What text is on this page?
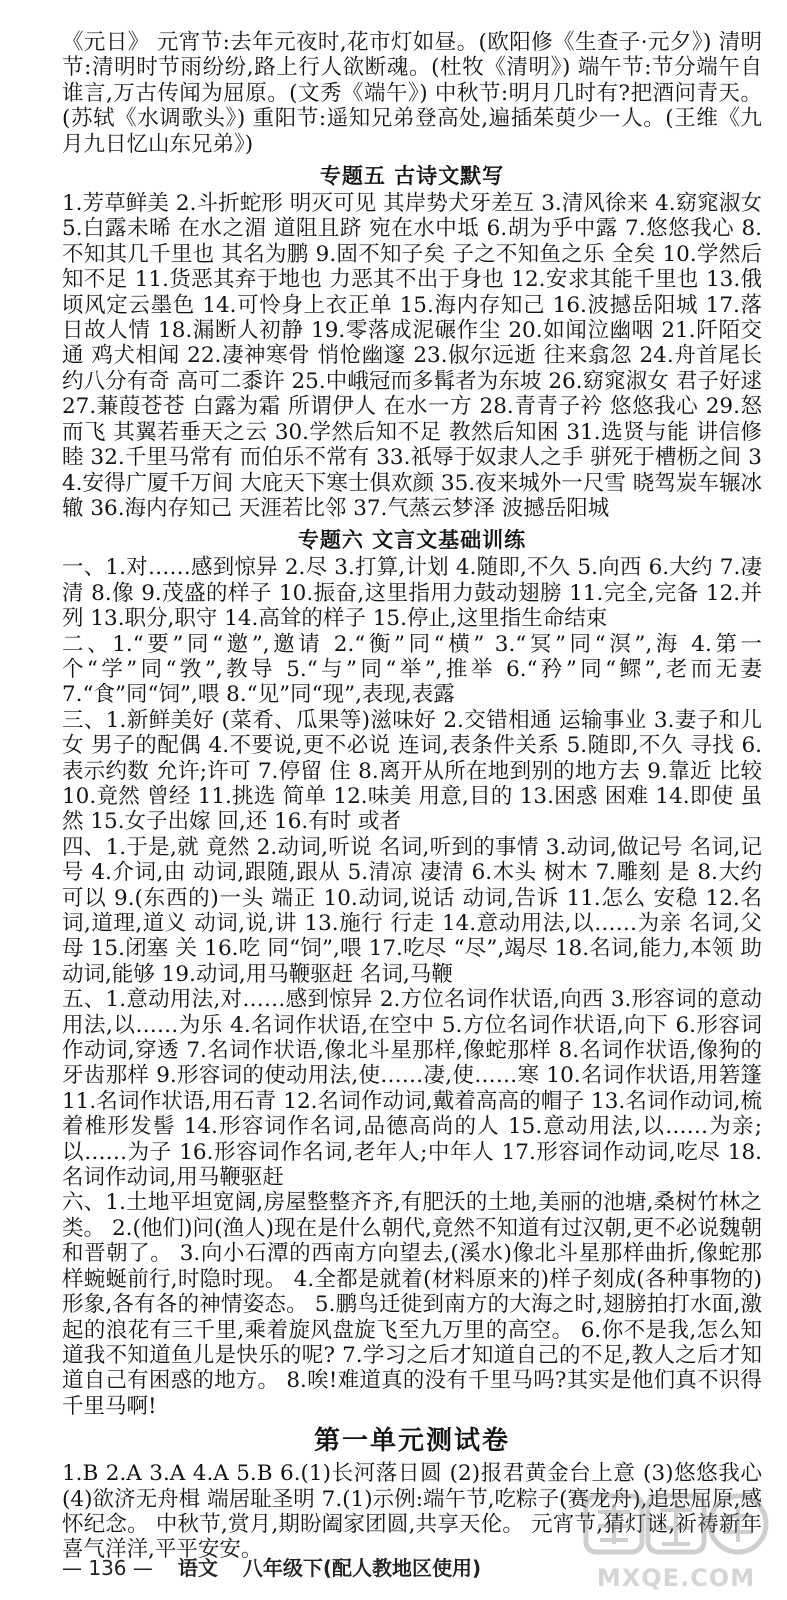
《元日》 元宵节:去年元夜时,花市灯如昼。(欧阳修《生查子·元夕》) 清明节:清明时节雨纷纷,路上行人欲断魂。(杜牧《清明》) 端午节:节分端午自谁言,万古传闻为屈原。(文秀《端午》) 中秋节:明月几时有?把酒问青天。(苏轼《水调歌头》) 重阳节:遥知兄弟登高处,遍插茱萸少一人。(王维《九月九日忆山东兄弟》)

专题五 古诗文默写

1.芳草鲜美 2.斗折蛇形 明灭可见 其岸势犬牙差互 3.清风徐来 4.窈窕淑女 5.白露未晞 在水之湄 道阻且跻 宛在水中坻 6.胡为乎中露 7.悠悠我心 8.不知其几千里也 其名为鹏 9.固不知子矣 子之不知鱼之乐 全矣 10.学然后知不足 11.货恶其弃于地也 力恶其不出于身也 12.安求其能千里也 13.俄顷风定云墨色 14.可怜身上衣正单 15.海内存知己 16.波撼岳阳城 17.落日故人情 18.漏断人初静 19.零落成泥碾作尘 20.如闻泣幽咽 21.阡陌交通 鸡犬相闻 22.凄神寒骨 悄怆幽邃 23.俶尔远逝 往来翕忽 24.舟首尾长约八分有奇 高可二黍许 25.中峨冠而多髯者为东坡 26.窈窕淑女 君子好逑 27.蒹葭苍苍 白露为霜 所谓伊人 在水一方 28.青青子衿 悠悠我心 29.怒而飞 其翼若垂天之云 30.学然后知不足 教然后知困 31.选贤与能 讲信修睦 32.千里马常有 而伯乐不常有 33.祇辱于奴隶人之手 骈死于槽枥之间 34.安得广厦千万间 大庇天下寒士俱欢颜 35.夜来城外一尺雪 晓驾炭车辗冰辙 36.海内存知己 天涯若比邻 37.气蒸云梦泽 波撼岳阳城

专题六 文言文基础训练

一、1.对……感到惊异 2.尽 3.打算,计划 4.随即,不久 5.向西 6.大约 7.凄清 8.像 9.茂盛的样子 10.振奋,这里指用力鼓动翅膀 11.完全,完备 12.并列 13.职分,职守 14.高耸的样子 15.停止,这里指生命结束

二、1.“要”同“邀”,邀请 2.“衡”同“横” 3.“冥”同“溟”,海 4.第一个“学”同“敩”,教导 5.“与”同“举”,推举 6.“矜”同“鳏”,老而无妻 7.“食”同“饲”,喂 8.“见”同“现”,表现,表露

三、1.新鲜美好 (菜肴、瓜果等)滋味好 2.交错相通 运输事业 3.妻子和儿女 男子的配偶 4.不要说,更不必说 连词,表条件关系 5.随即,不久 寻找 6.表示约数 允许;许可 7.停留 住 8.离开从所在地到别的地方去 9.靠近 比较 10.竟然 曾经 11.挑选 简单 12.味美 用意,目的 13.困惑 困难 14.即使 虽然 15.女子出嫁 回,还 16.有时 或者

四、1.于是,就 竟然 2.动词,听说 名词,听到的事情 3.动词,做记号 名词,记号 4.介词,由 动词,跟随,跟从 5.清凉 凄清 6.木头 树木 7.雕刻 是 8.大约 可以 9.(东西的)一头 端正 10.动词,说话 动词,告诉 11.怎么 安稳 12.名词,道理,道义 动词,说,讲 13.施行 行走 14.意动用法,以……为亲 名词,父母 15.闭塞 关 16.吃 同“饲”,喂 17.吃尽 “尽”,竭尽 18.名词,能力,本领 助动词,能够 19.动词,用马鞭驱赶 名词,马鞭

五、1.意动用法,对……感到惊异 2.方位名词作状语,向西 3.形容词的意动用法,以……为乐 4.名词作状语,在空中 5.方位名词作状语,向下 6.形容词作动词,穿透 7.名词作状语,像北斗星那样,像蛇那样 8.名词作状语,像狗的牙齿那样 9.形容词的使动用法,使……凄,使……寒 10.名词作状语,用箬篷 11.名词作状语,用石青 12.名词作动词,戴着高高的帽子 13.名词作动词,梳着椎形发髻 14.形容词作名词,品德高尚的人 15.意动用法,以……为亲;以……为子 16.形容词作名词,老年人;中年人 17.形容词作动词,吃尽 18.名词作动词,用马鞭驱赶

六、1.土地平坦宽阔,房屋整整齐齐,有肥沃的土地,美丽的池塘,桑树竹林之类。 2.(他们)问(渔人)现在是什么朝代,竟然不知道有过汉朝,更不必说魏朝和晋朝了。 3.向小石潭的西南方向望去,(溪水)像北斗星那样曲折,像蛇那样蜿蜒前行,时隐时现。 4.全都是就着(材料原来的)样子刻成(各种事物的)形象,各有各的神情姿态。 5.鹏鸟迁徙到南方的大海之时,翅膀拍打水面,激起的浪花有三千里,乘着旋风盘旋飞至九万里的高空。 6.你不是我,怎么知道我不知道鱼儿是快乐的呢? 7.学习之后才知道自己的不足,教人之后才知道自己有困惑的地方。 8.唉!难道真的没有千里马吗?其实是他们真不识得千里马啊!

第一单元测试卷

1.B 2.A 3.A 4.A 5.B 6.(1)长河落日圆 (2)报君黄金台上意 (3)悠悠我心 (4)欲济无舟楫 端居耻圣明 7.(1)示例:端午节,吃粽子(赛龙舟),追思屈原,感怀纪念。 中秋节,赏月,期盼阖家团圆,共享天伦。 元宵节,猜灯谜,祈祷新年喜气洋洋,平平安安。

— 136 — 语文 八年级下(配人教地区使用)	MXQE.COM
